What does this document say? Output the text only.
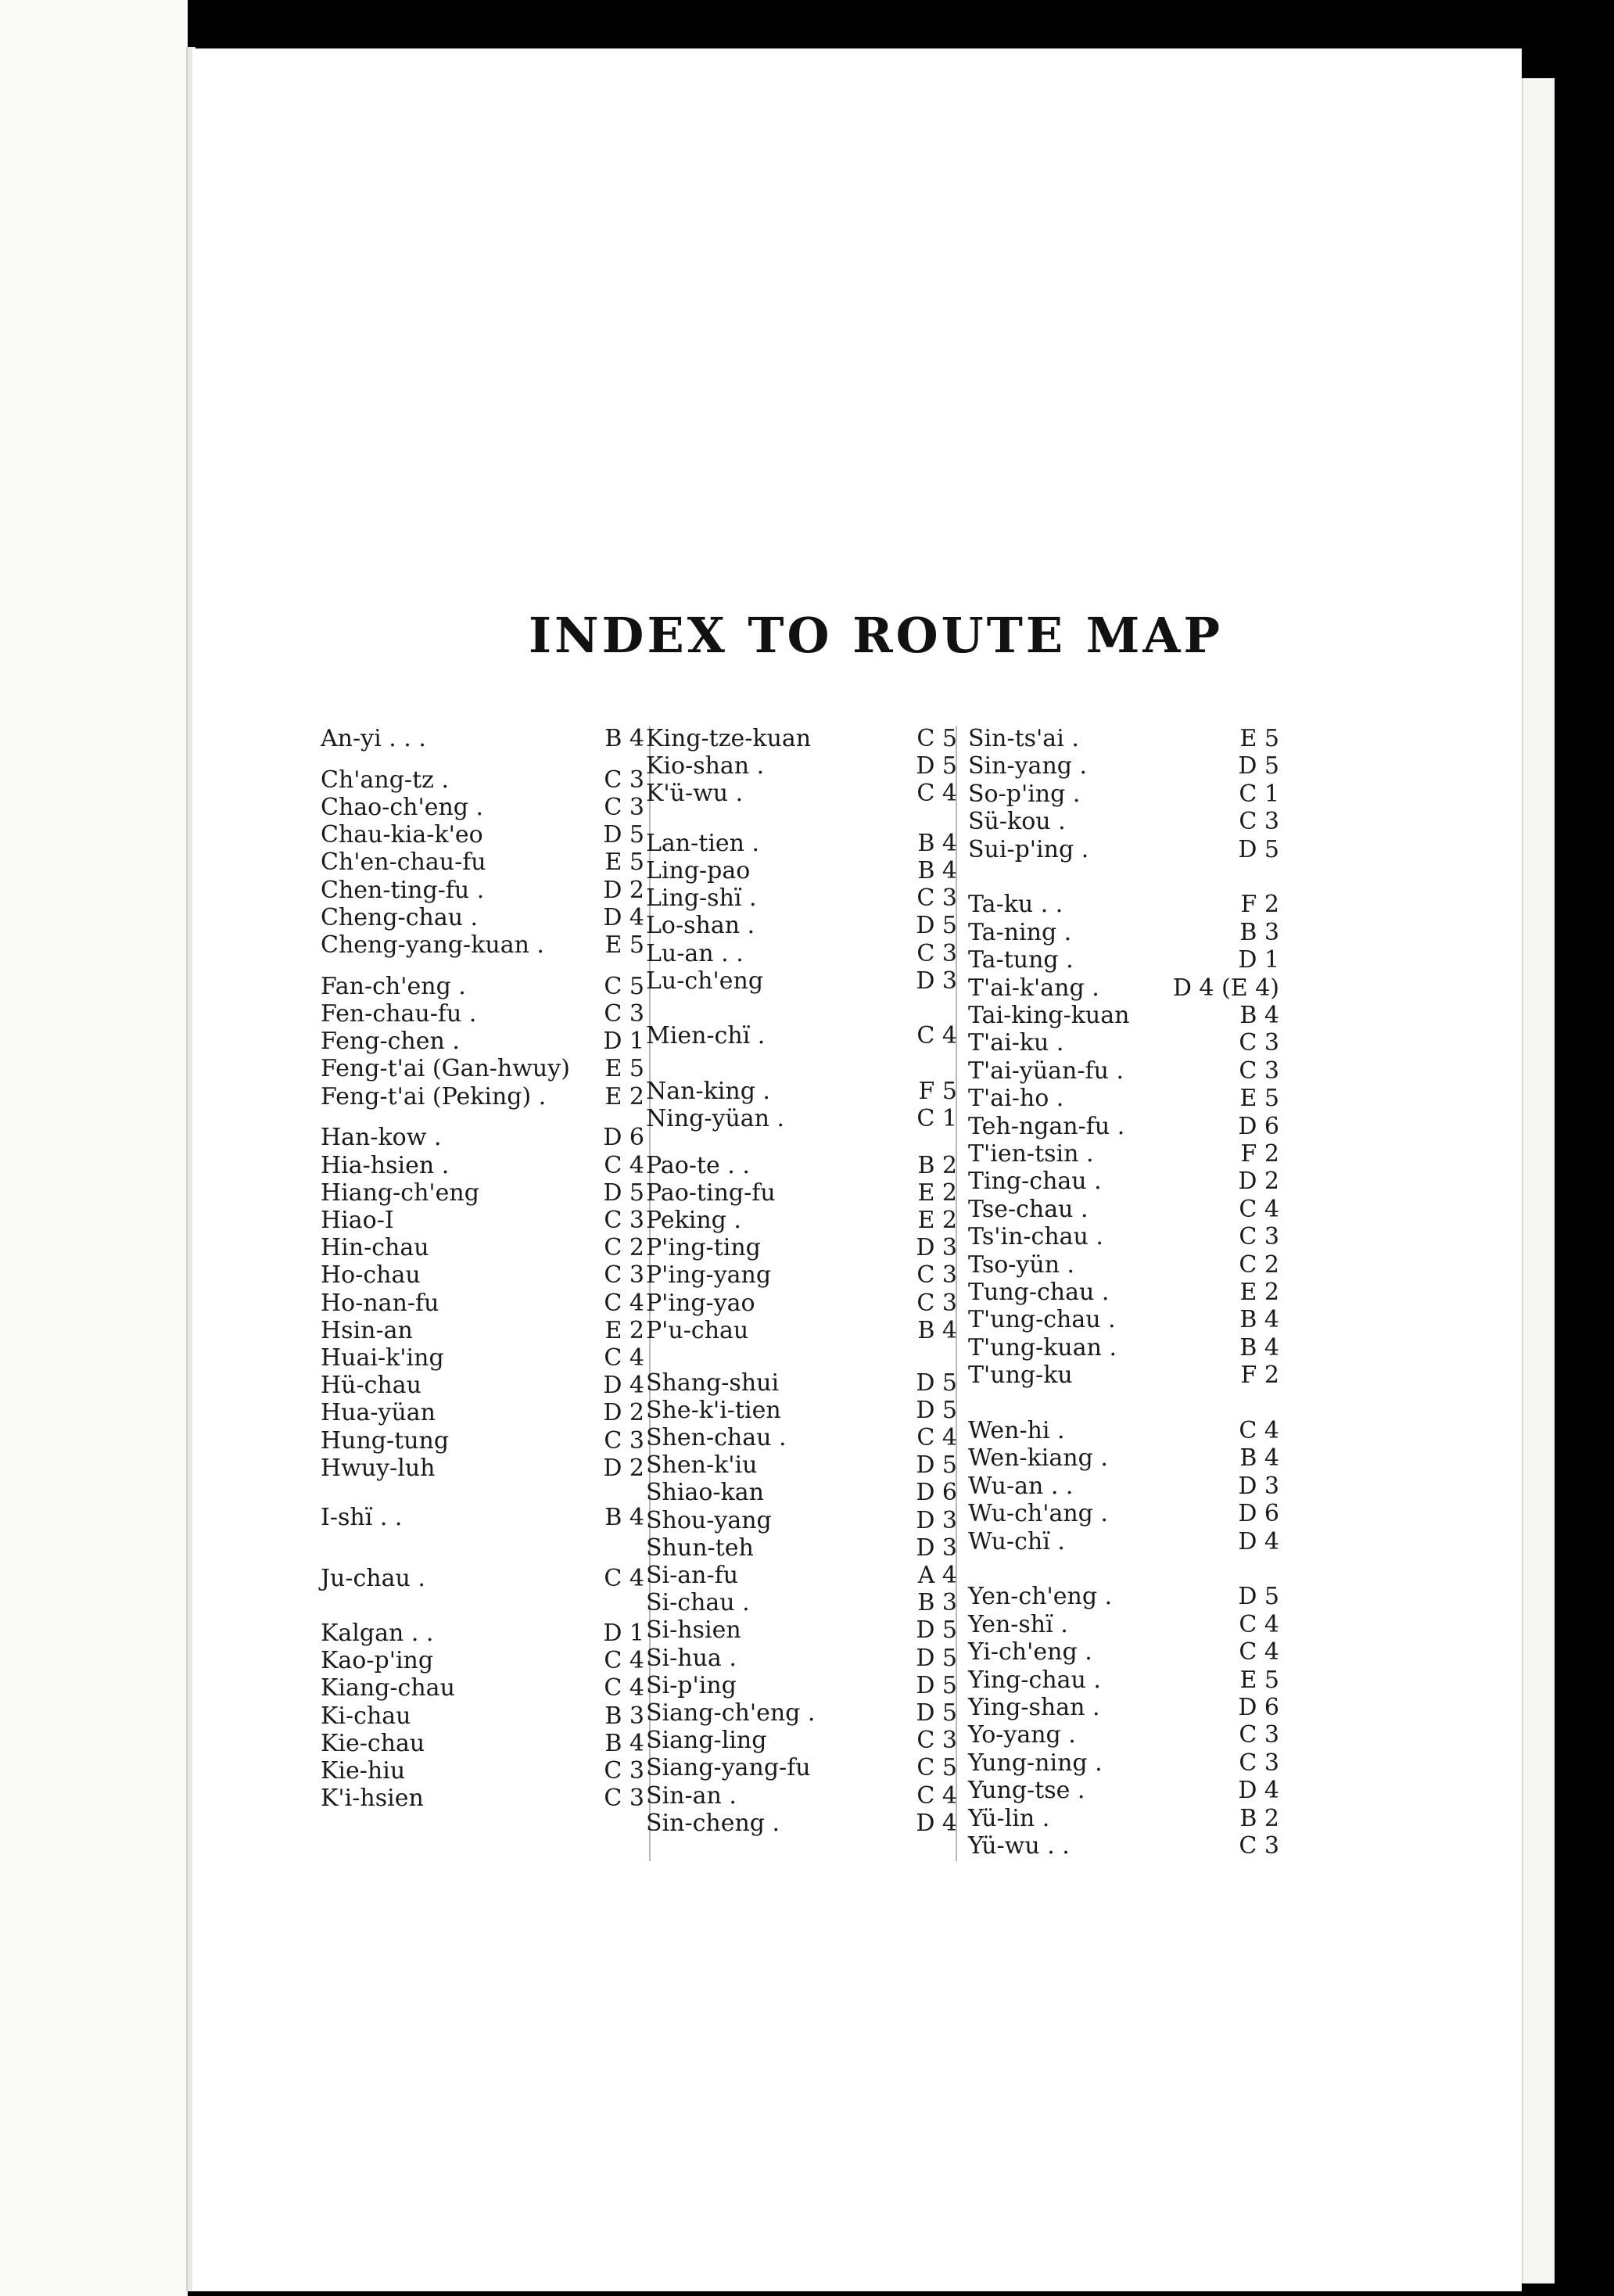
INDEX TO ROUTE MAP
An-yi . . .	B 4
Ch'ang-tz .	C 3
Chao-ch'eng .	C 3
Chau-kia-k'eo	D 5
Ch'en-chau-fu	E 5
Chen-ting-fu .	D 2
Cheng-chau .	D 4
Cheng-yang-kuan .	E 5
Fan-ch'eng .	C 5
Fen-chau-fu .	C 3
Feng-chen .	D 1
Feng-t'ai (Gan-hwuy) E 5
Feng-t'ai (Peking) .	E 2
Han-kow .	D 6
Hia-hsien .	C 4
Hiang-ch'eng	D 5
Hiao-I	C 3
Hin-chau	C 2
Ho-chau	C 3
Ho-nan-fu	C 4
Hsin-an	E 2
Huai-k'ing	C 4
Hü-chau	D 4
Hua-yüan	D 2
Hung-tung	C 3
Hwuy-luh	D 2
I-shï . .	B 4
Ju-chau .	C 4
Kalgan . .	D 1
Kao-p'ing	C 4
Kiang-chau	C 4
Ki-chau	B 3
Kie-chau	B 4
Kie-hiu	C 3
K'i-hsien	C 3
King-tze-kuan	C 5
Kio-shan .	D 5
K'ü-wu .	C 4
Lan-tien .	B 4
Ling-pao	B 4
Ling-shï .	C 3
Lo-shan .	D 5
Lu-an . .	C 3
Lu-ch'eng	D 3
Mien-chï .	C 4
Nan-king .	F 5
Ning-yüan .	C 1
Pao-te . .	B 2
Pao-ting-fu	E 2
Peking .	E 2
P'ing-ting	D 3
P'ing-yang	C 3
P'ing-yao	C 3
P'u-chau	B 4
Shang-shui	D 5
She-k'i-tien	D 5
Shen-chau .	C 4
Shen-k'iu	D 5
Shiao-kan	D 6
Shou-yang	D 3
Shun-teh	D 3
Si-an-fu	A 4
Si-chau .	B 3
Si-hsien	D 5
Si-hua .	D 5
Si-p'ing	D 5
Siang-ch'eng .	D 5
Siang-ling	C 3
Siang-yang-fu	C 5
Sin-an .	C 4
Sin-cheng .	D 4
Sin-ts'ai .	E 5
Sin-yang .	D 5
So-p'ing .	C 1
Sü-kou .	C 3
Sui-p'ing .	D 5
Ta-ku . .	F 2
Ta-ning .	B 3
Ta-tung .	D 1
T'ai-k'ang .	D 4 (E 4)
Tai-king-kuan	B 4
T'ai-ku .	C 3
T'ai-yüan-fu .	C 3
T'ai-ho .	E 5
Teh-ngan-fu .	D 6
T'ien-tsin .	F 2
Ting-chau .	D 2
Tse-chau .	C 4
Ts'in-chau .	C 3
Tso-yün .	C 2
Tung-chau .	E 2
T'ung-chau .	B 4
T'ung-kuan .	B 4
T'ung-ku	F 2
Wen-hi .	C 4
Wen-kiang .	B 4
Wu-an . .	D 3
Wu-ch'ang .	D 6
Wu-chï .	D 4
Yen-ch'eng .	D 5
Yen-shï .	C 4
Yi-ch'eng .	C 4
Ying-chau .	E 5
Ying-shan .	D 6
Yo-yang .	C 3
Yung-ning .	C 3
Yung-tse .	D 4
Yü-lin .	B 2
Yü-wu . .	C 3
